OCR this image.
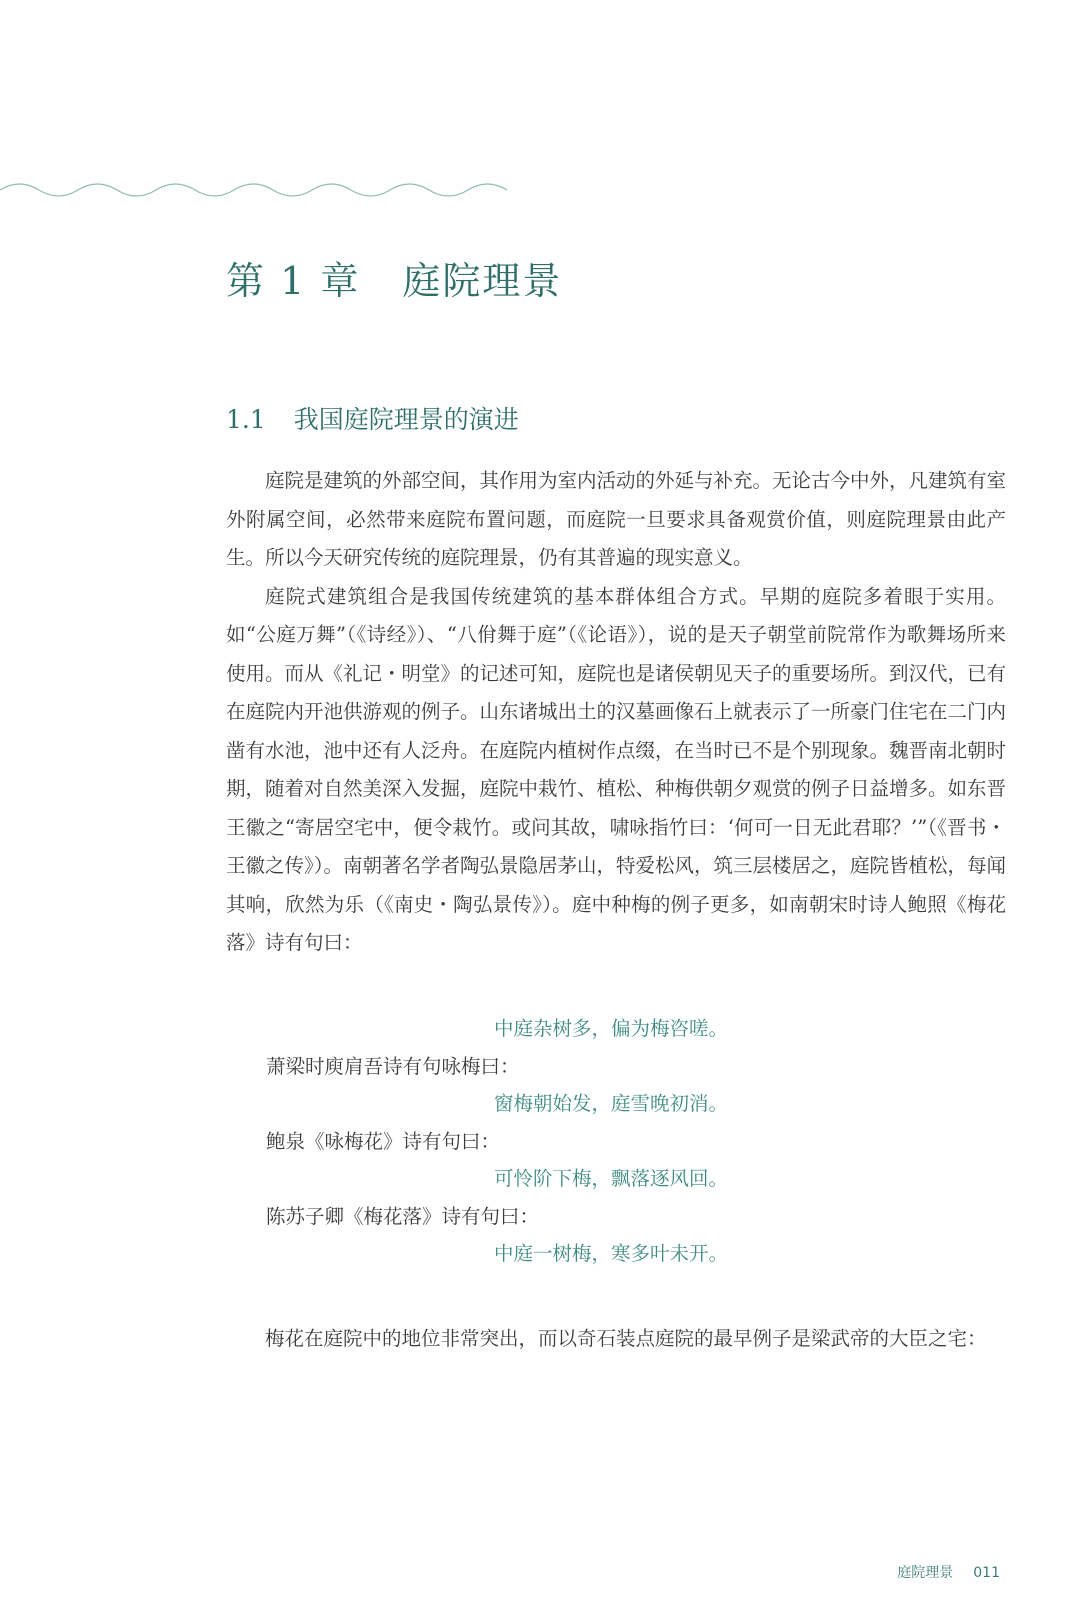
第 1 章 庭院理景
1.1 我国庭院理景的演进

庭院是建筑的外部空间，其作用为室内活动的外延与补充。无论古今中外，凡建筑有室外附属空间，必然带来庭院布置问题，而庭院一旦要求具备观赏价值，则庭院理景由此产生。所以今天研究传统的庭院理景，仍有其普遍的现实意义。

庭院式建筑组合是我国传统建筑的基本群体组合方式。早期的庭院多着眼于实用。如“公庭万舞”（《诗经》）、“八佾舞于庭”（《论语》），说的是天子朝堂前院常作为歌舞场所来使用。而从《礼记・明堂》的记述可知，庭院也是诸侯朝见天子的重要场所。到汉代，已有在庭院内开池供游观的例子。山东诸城出土的汉墓画像石上就表示了一所豪门住宅在二门内凿有水池，池中还有人泛舟。在庭院内植树作点缀，在当时已不是个别现象。魏晋南北朝时期，随着对自然美深入发掘，庭院中栽竹、植松、种梅供朝夕观赏的例子日益增多。如东晋王徽之“寄居空宅中，便令栽竹。或问其故，啸咏指竹曰：‘何可一日无此君耶？’”（《晋书・王徽之传》）。南朝著名学者陶弘景隐居茅山，特爱松风，筑三层楼居之，庭院皆植松，每闻其响，欣然为乐（《南史・陶弘景传》）。庭中种梅的例子更多，如南朝宋时诗人鲍照《梅花落》诗有句曰：

中庭杂树多，偏为梅咨嗟。

萧梁时庾肩吾诗有句咏梅曰：

窗梅朝始发，庭雪晚初消。

鲍泉《咏梅花》诗有句曰：

可怜阶下梅，飘落逐风回。

陈苏子卿《梅花落》诗有句曰：

中庭一树梅，寒多叶未开。

梅花在庭院中的地位非常突出，而以奇石装点庭院的最早例子是梁武帝的大臣之宅：

庭院理景 011
